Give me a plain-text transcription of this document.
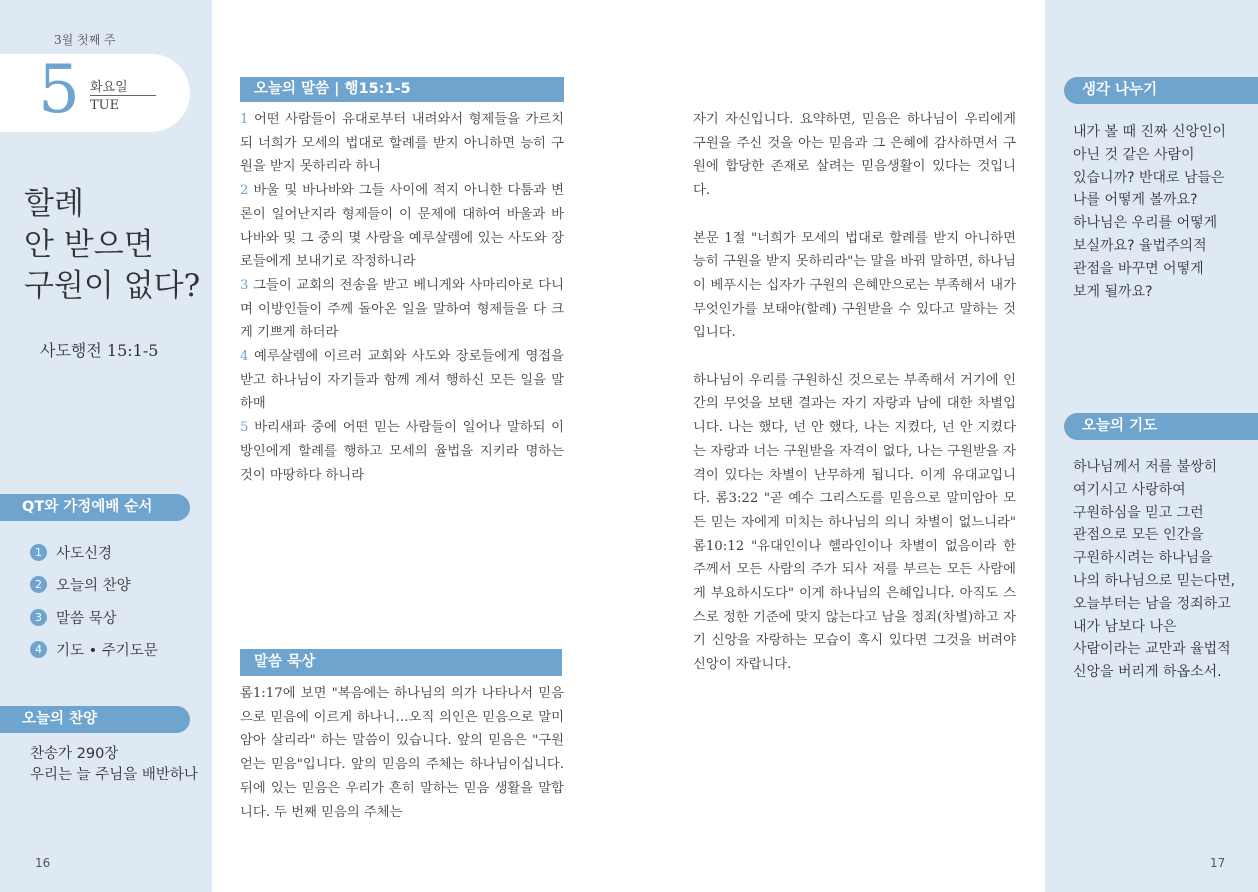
3월 첫째 주
5 화요일
TUE
할례
안 받으면
구원이 없다?
사도행전 15:1-5
QT와 가정예배 순서
1 사도신경
2 오늘의 찬양
3 말씀 묵상
4 기도 • 주기도문
오늘의 찬양
찬송가 290장
우리는 늘 주님을 배반하나
16
오늘의 말씀 | 행15:1-5

1 어떤 사람들이 유대로부터 내려와서 형제들을 가르치되 너희가 모세의 법대로 할례를 받지 아니하면 능히 구원을 받지 못하리라 하니

2 바울 및 바나바와 그들 사이에 적지 아니한 다툼과 변론이 일어난지라 형제들이 이 문제에 대하여 바울과 바나바와 및 그 중의 몇 사람을 예루살렘에 있는 사도와 장로들에게 보내기로 작정하니라

3 그들이 교회의 전송을 받고 베니게와 사마리아로 다니며 이방인들이 주께 돌아온 일을 말하여 형제들을 다 크게 기쁘게 하더라

4 예루살렘에 이르러 교회와 사도와 장로들에게 영접을 받고 하나님이 자기들과 함께 계셔 행하신 모든 일을 말하매

5 바리새파 중에 어떤 믿는 사람들이 일어나 말하되 이방인에게 할례를 행하고 모세의 율법을 지키라 명하는 것이 마땅하다 하니라

말씀 묵상
롬1:17에 보면 "복음에는 하나님의 의가 나타나서 믿음으로 믿음에 이르게 하나니…오직 의인은 믿음으로 말미암아 살리라" 하는 말씀이 있습니다. 앞의 믿음은 "구원얻는 믿음"입니다. 앞의 믿음의 주체는 하나님이십니다. 뒤에 있는 믿음은 우리가 흔히 말하는 믿음 생활을 말합니다. 두 번째 믿음의 주체는

자기 자신입니다. 요약하면, 믿음은 하나님이 우리에게 구원을 주신 것을 아는 믿음과 그 은혜에 감사하면서 구원에 합당한 존재로 살려는 믿음생활이 있다는 것입니다.

본문 1절 "너희가 모세의 법대로 할례를 받지 아니하면 능히 구원을 받지 못하리라"는 말을 바꿔 말하면, 하나님이 베푸시는 십자가 구원의 은혜만으로는 부족해서 내가 무엇인가를 보태야(할례) 구원받을 수 있다고 말하는 것입니다.

하나님이 우리를 구원하신 것으로는 부족해서 거기에 인간의 무엇을 보탠 결과는 자기 자랑과 남에 대한 차별입니다. 나는 했다, 넌 안 했다, 나는 지켰다, 넌 안 지켰다는 자랑과 너는 구원받을 자격이 없다, 나는 구원받을 자격이 있다는 차별이 난무하게 됩니다. 이게 유대교입니다. 롬3:22 "곧 예수 그리스도를 믿음으로 말미암아 모든 믿는 자에게 미치는 하나님의 의니 차별이 없느니라" 롬10:12 "유대인이나 헬라인이나 차별이 없음이라 한 주께서 모든 사람의 주가 되사 저를 부르는 모든 사람에게 부요하시도다" 이게 하나님의 은혜입니다. 아직도 스스로 정한 기준에 맞지 않는다고 남을 정죄(차별)하고 자기 신앙을 자랑하는 모습이 혹시 있다면 그것을 버려야 신앙이 자랍니다.

생각 나누기
내가 볼 때 진짜 신앙인이
아닌 것 같은 사람이
있습니까? 반대로 남들은
나를 어떻게 볼까요?
하나님은 우리를 어떻게
보실까요? 율법주의적
관점을 바꾸면 어떻게
보게 될까요?
오늘의 기도
하나님께서 저를 불쌍히
여기시고 사랑하여
구원하심을 믿고 그런
관점으로 모든 인간을
구원하시려는 하나님을
나의 하나님으로 믿는다면,
오늘부터는 남을 정죄하고
내가 남보다 나은
사람이라는 교만과 율법적
신앙을 버리게 하옵소서.
17
